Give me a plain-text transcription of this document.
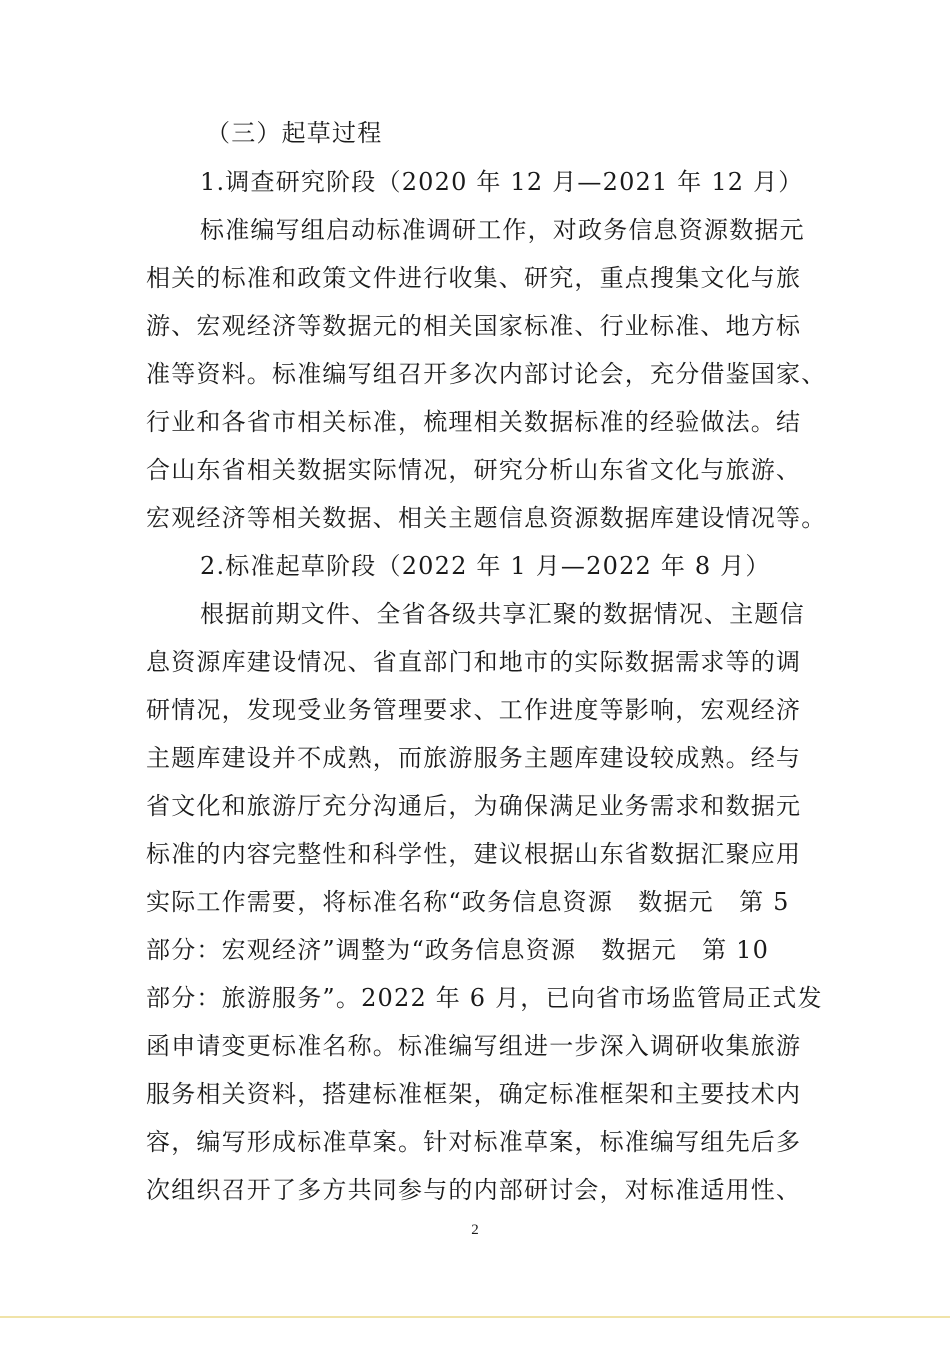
（三）起草过程
1.调查研究阶段（2020 年 12 月—2021 年 12 月）
标准编写组启动标准调研工作，对政务信息资源数据元
相关的标准和政策文件进行收集、研究，重点搜集文化与旅
游、宏观经济等数据元的相关国家标准、行业标准、地方标
准等资料。标准编写组召开多次内部讨论会，充分借鉴国家、
行业和各省市相关标准，梳理相关数据标准的经验做法。结
合山东省相关数据实际情况，研究分析山东省文化与旅游、
宏观经济等相关数据、相关主题信息资源数据库建设情况等。
2.标准起草阶段（2022 年 1 月—2022 年 8 月）
根据前期文件、全省各级共享汇聚的数据情况、主题信
息资源库建设情况、省直部门和地市的实际数据需求等的调
研情况，发现受业务管理要求、工作进度等影响，宏观经济
主题库建设并不成熟，而旅游服务主题库建设较成熟。经与
省文化和旅游厅充分沟通后，为确保满足业务需求和数据元
标准的内容完整性和科学性，建议根据山东省数据汇聚应用
实际工作需要，将标准名称“政务信息资源　数据元　第 5
部分：宏观经济”调整为“政务信息资源　数据元　第 10
部分：旅游服务”。2022 年 6 月，已向省市场监管局正式发
函申请变更标准名称。标准编写组进一步深入调研收集旅游
服务相关资料，搭建标准框架，确定标准框架和主要技术内
容，编写形成标准草案。针对标准草案，标准编写组先后多
次组织召开了多方共同参与的内部研讨会，对标准适用性、
2
